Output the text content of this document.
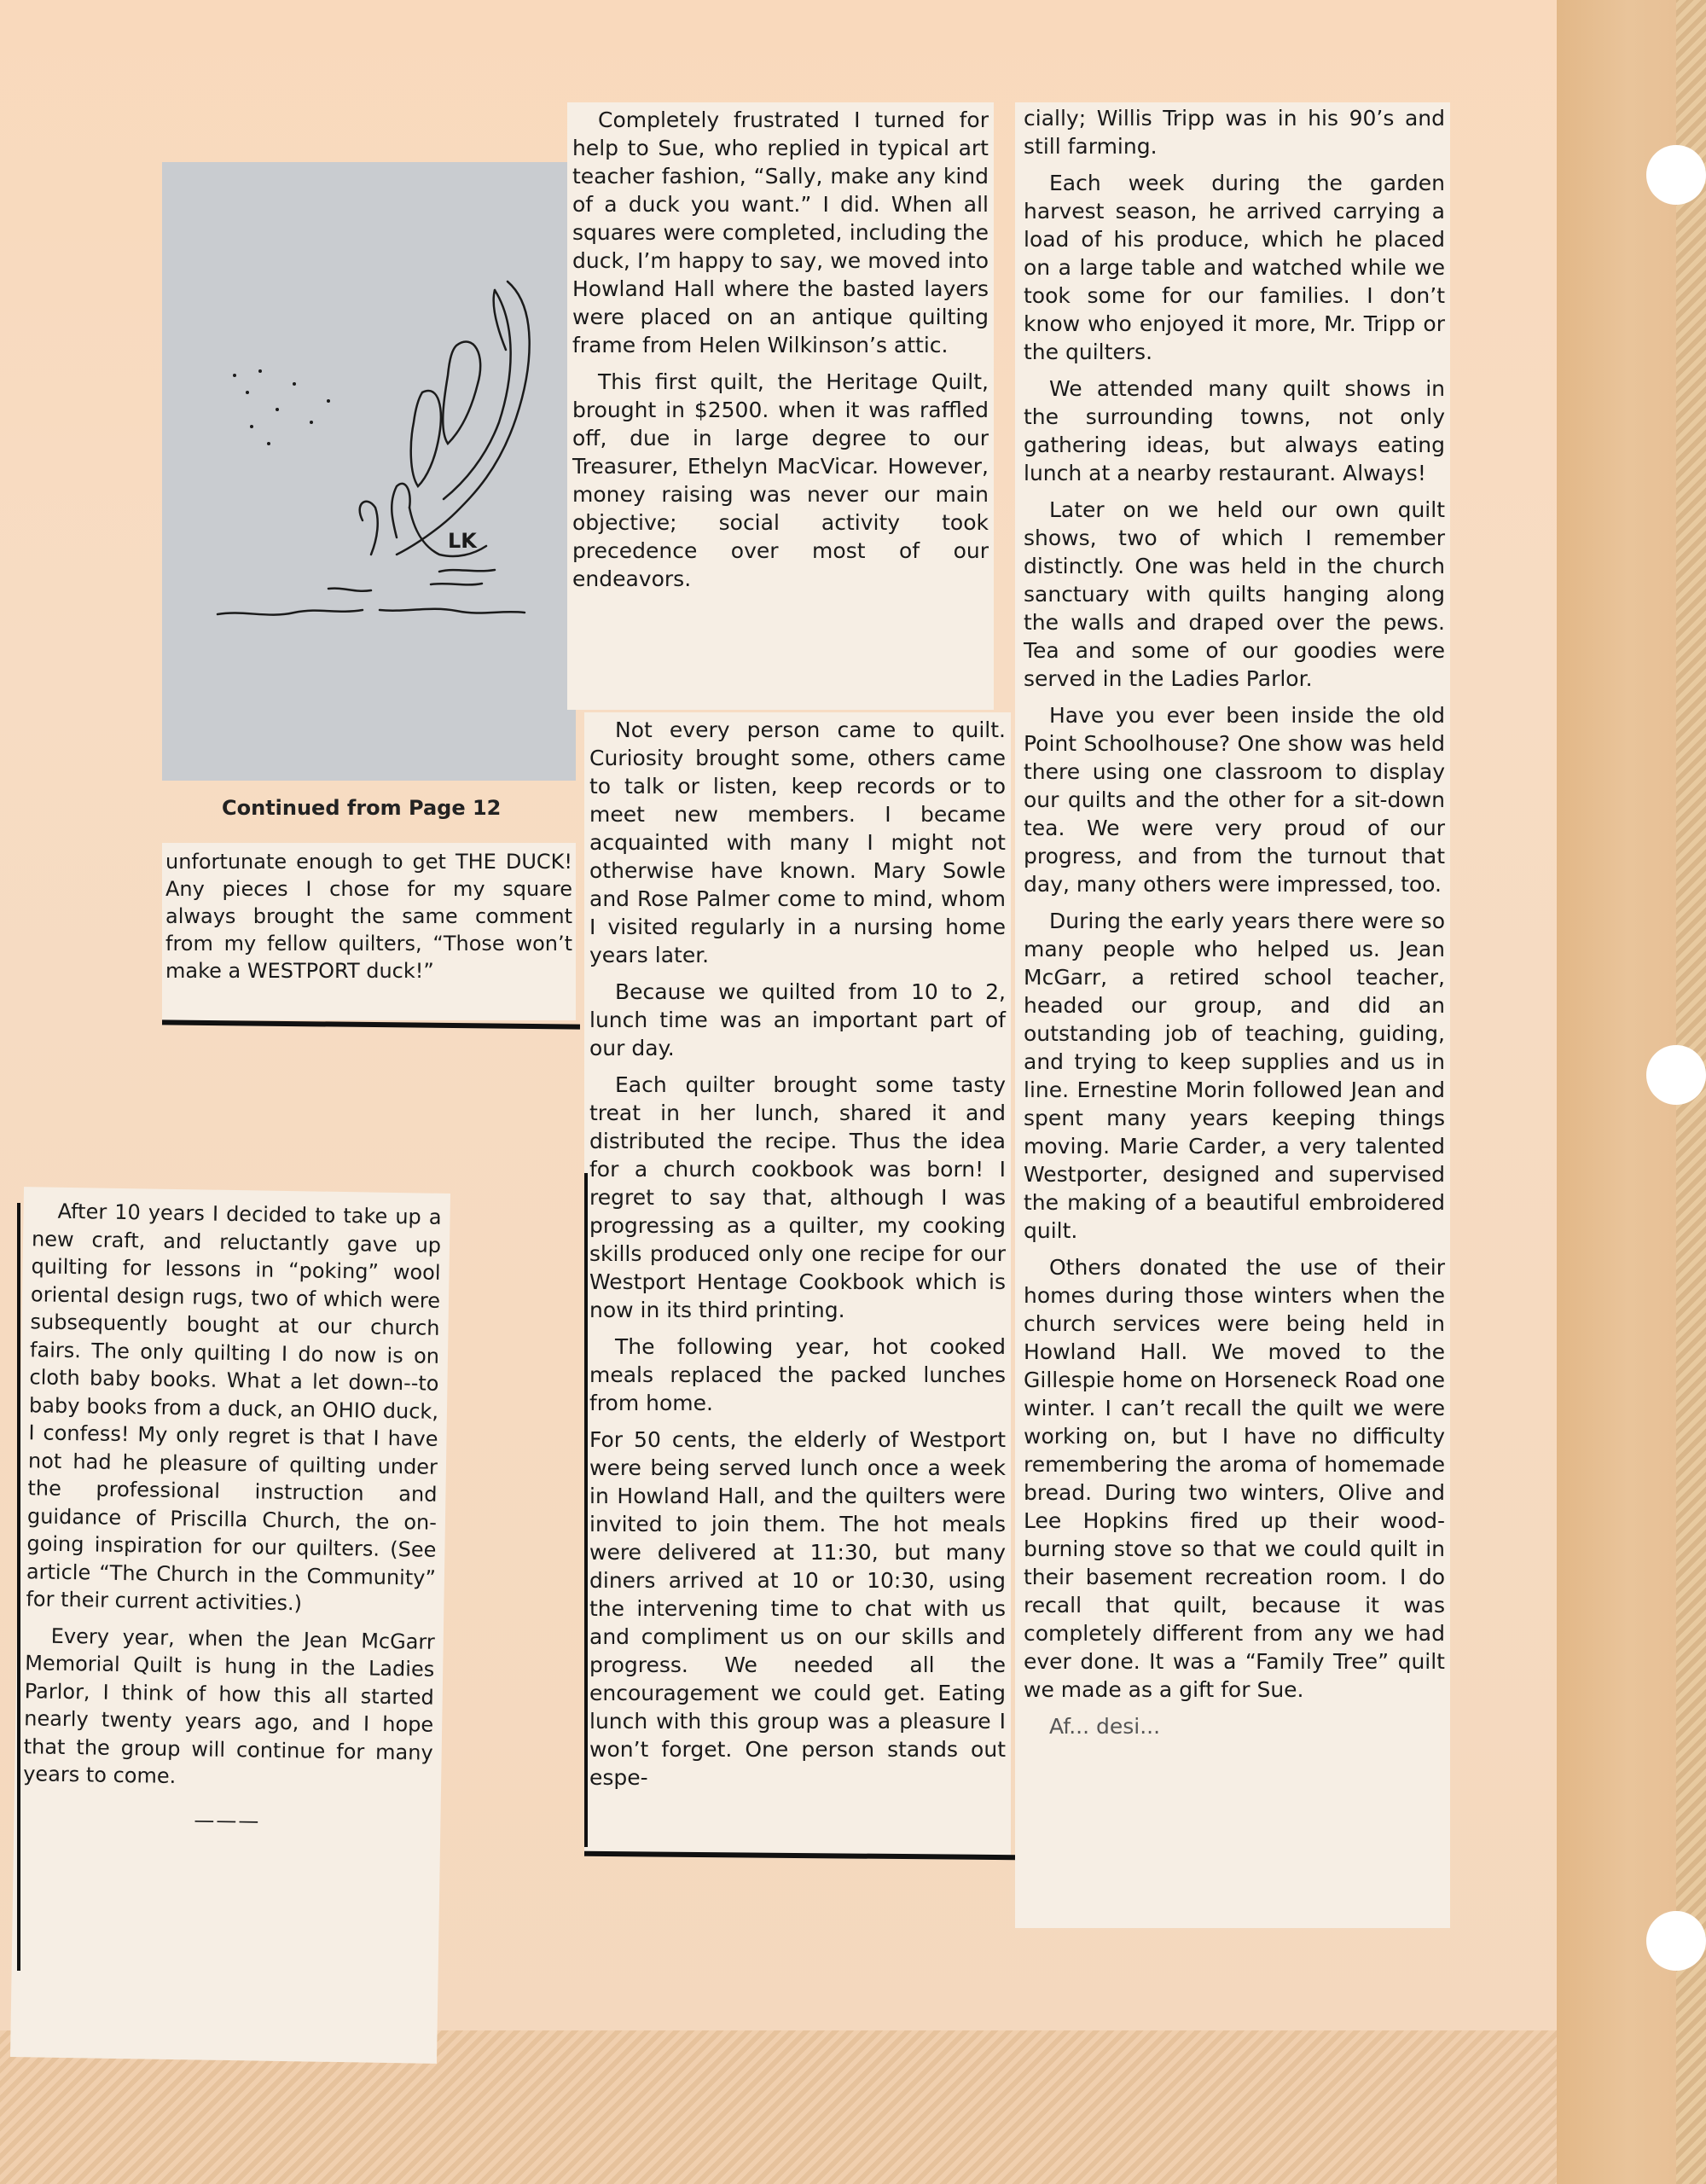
LK
Continued from Page 12

unfortunate enough to get THE DUCK! Any pieces I chose for my square always brought the same comment from my fellow quilters, “Those won’t make a WESTPORT duck!”

After 10 years I decided to take up a new craft, and reluctantly gave up quilting for lessons in “poking” wool oriental design rugs, two of which were subsequently bought at our church fairs. The only quilting I do now is on cloth baby books. What a let down--to baby books from a duck, an OHIO duck, I confess! My only regret is that I have not had he pleasure of quilting under the professional instruction and guidance of Priscilla Church, the on-going inspiration for our quilters. (See article “The Church in the Community” for their current activities.)

Every year, when the Jean McGarr Memorial Quilt is hung in the Ladies Parlor, I think of how this all started nearly twenty years ago, and I hope that the group will continue for many years to come.

———

Completely frustrated I turned for help to Sue, who replied in typical art teacher fashion, “Sally, make any kind of a duck you want.” I did. When all squares were completed, including the duck, I’m happy to say, we moved into Howland Hall where the basted layers were placed on an antique quilting frame from Helen Wilkinson’s attic.

This first quilt, the Heritage Quilt, brought in $2500. when it was raffled off, due in large degree to our Treasurer, Ethelyn MacVicar. However, money raising was never our main objective; social activity took precedence over most of our endeavors.

Not every person came to quilt. Curiosity brought some, others came to talk or listen, keep records or to meet new members. I became acquainted with many I might not otherwise have known. Mary Sowle and Rose Palmer come to mind, whom I visited regularly in a nursing home years later.

Because we quilted from 10 to 2, lunch time was an important part of our day.

Each quilter brought some tasty treat in her lunch, shared it and distributed the recipe. Thus the idea for a church cookbook was born! I regret to say that, although I was progressing as a quilter, my cooking skills produced only one recipe for our Westport Hentage Cookbook which is now in its third printing.

The following year, hot cooked meals replaced the packed lunches from home.

For 50 cents, the elderly of Westport were being served lunch once a week in Howland Hall, and the quilters were invited to join them. The hot meals were delivered at 11:30, but many diners arrived at 10 or 10:30, using the intervening time to chat with us and compliment us on our skills and progress. We needed all the encouragement we could get. Eating lunch with this group was a pleasure I won’t forget. One person stands out espe-

cially; Willis Tripp was in his 90’s and still farming.

Each week during the garden harvest season, he arrived carrying a load of his produce, which he placed on a large table and watched while we took some for our families. I don’t know who enjoyed it more, Mr. Tripp or the quilters.

We attended many quilt shows in the surrounding towns, not only gathering ideas, but always eating lunch at a nearby restaurant. Always!

Later on we held our own quilt shows, two of which I remember distinctly. One was held in the church sanctuary with quilts hanging along the walls and draped over the pews. Tea and some of our goodies were served in the Ladies Parlor.

Have you ever been inside the old Point Schoolhouse? One show was held there using one classroom to display our quilts and the other for a sit-down tea. We were very proud of our progress, and from the turnout that day, many others were impressed, too.

During the early years there were so many people who helped us. Jean McGarr, a retired school teacher, headed our group, and did an outstanding job of teaching, guiding, and trying to keep supplies and us in line. Ernestine Morin followed Jean and spent many years keeping things moving. Marie Carder, a very talented Westporter, designed and supervised the making of a beautiful embroidered quilt.

Others donated the use of their homes during those winters when the church services were being held in Howland Hall. We moved to the Gillespie home on Horseneck Road one winter. I can’t recall the quilt we were working on, but I have no difficulty remembering the aroma of homemade bread. During two winters, Olive and Lee Hopkins fired up their wood-burning stove so that we could quilt in their basement recreation room. I do recall that quilt, because it was completely different from any we had ever done. It was a “Family Tree” quilt we made as a gift for Sue.

Af... desi...
